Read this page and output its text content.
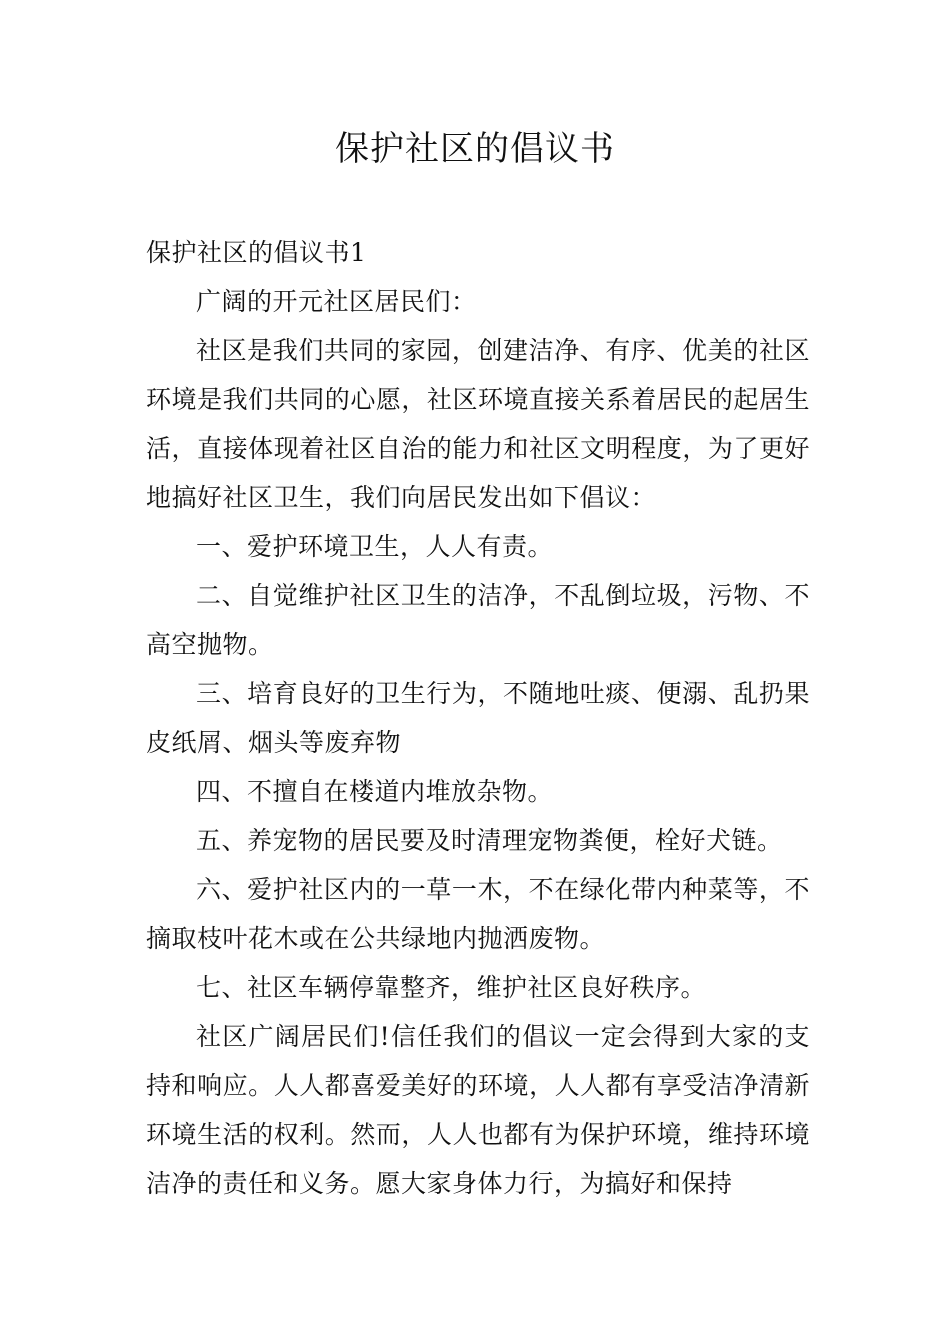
保护社区的倡议书

保护社区的倡议书1

广阔的开元社区居民们：

社区是我们共同的家园，创建洁净、有序、优美的社区环境是我们共同的心愿，社区环境直接关系着居民的起居生活，直接体现着社区自治的能力和社区文明程度，为了更好地搞好社区卫生，我们向居民发出如下倡议：

一、爱护环境卫生，人人有责。

二、自觉维护社区卫生的洁净，不乱倒垃圾，污物、不高空抛物。

三、培育良好的卫生行为，不随地吐痰、便溺、乱扔果皮纸屑、烟头等废弃物

四、不擅自在楼道内堆放杂物。

五、养宠物的居民要及时清理宠物粪便，栓好犬链。

六、爱护社区内的一草一木，不在绿化带内种菜等，不摘取枝叶花木或在公共绿地内抛洒废物。

七、社区车辆停靠整齐，维护社区良好秩序。

社区广阔居民们!信任我们的倡议一定会得到大家的支持和响应。人人都喜爱美好的环境，人人都有享受洁净清新环境生活的权利。然而，人人也都有为保护环境，维持环境洁净的责任和义务。愿大家身体力行，为搞好和保持
